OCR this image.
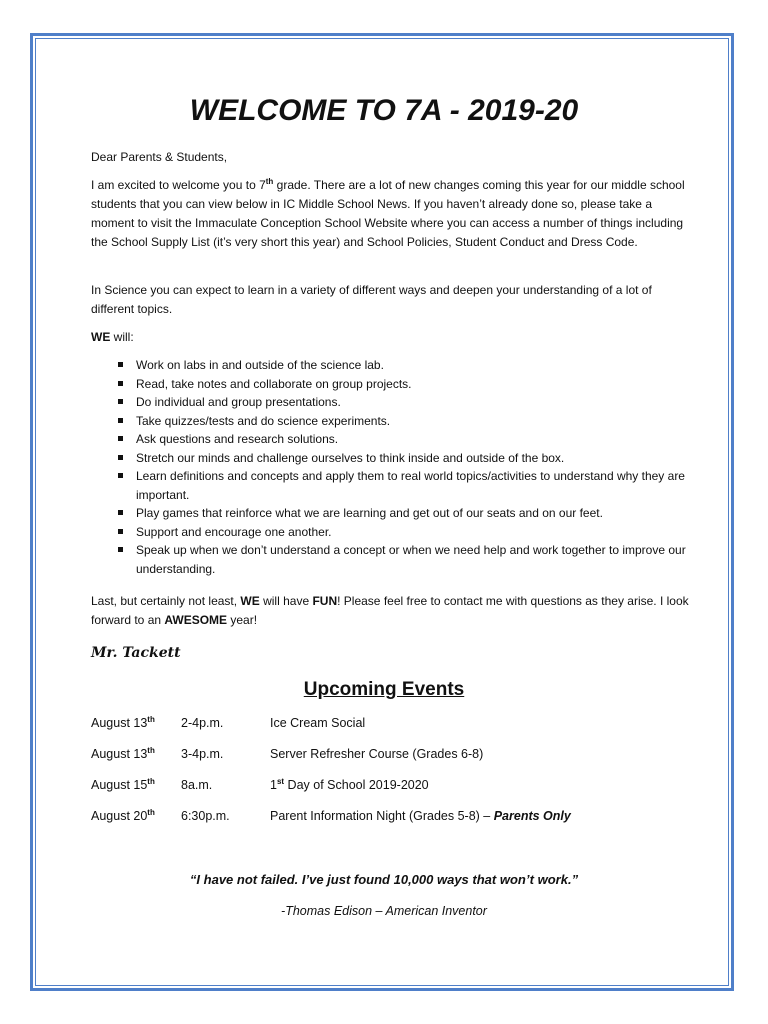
WELCOME TO 7A - 2019-20
Dear Parents & Students,
I am excited to welcome you to 7th grade. There are a lot of new changes coming this year for our middle school students that you can view below in IC Middle School News. If you haven’t already done so, please take a moment to visit the Immaculate Conception School Website where you can access a number of things including the School Supply List (it’s very short this year) and School Policies, Student Conduct and Dress Code.
In Science you can expect to learn in a variety of different ways and deepen your understanding of a lot of different topics.
WE will:
Work on labs in and outside of the science lab.
Read, take notes and collaborate on group projects.
Do individual and group presentations.
Take quizzes/tests and do science experiments.
Ask questions and research solutions.
Stretch our minds and challenge ourselves to think inside and outside of the box.
Learn definitions and concepts and apply them to real world topics/activities to understand why they are important.
Play games that reinforce what we are learning and get out of our seats and on our feet.
Support and encourage one another.
Speak up when we don’t understand a concept or when we need help and work together to improve our understanding.
Last, but certainly not least, WE will have FUN! Please feel free to contact me with questions as they arise. I look forward to an AWESOME year!
Mr. Tackett
Upcoming Events
August 13th 2-4p.m.	Ice Cream Social
August 13th 3-4p.m.	Server Refresher Course (Grades 6-8)
August 15th 8a.m.	1st Day of School 2019-2020
August 20th 6:30p.m.	Parent Information Night (Grades 5-8) – Parents Only
“I have not failed. I’ve just found 10,000 ways that won’t work.”
-Thomas Edison – American Inventor
